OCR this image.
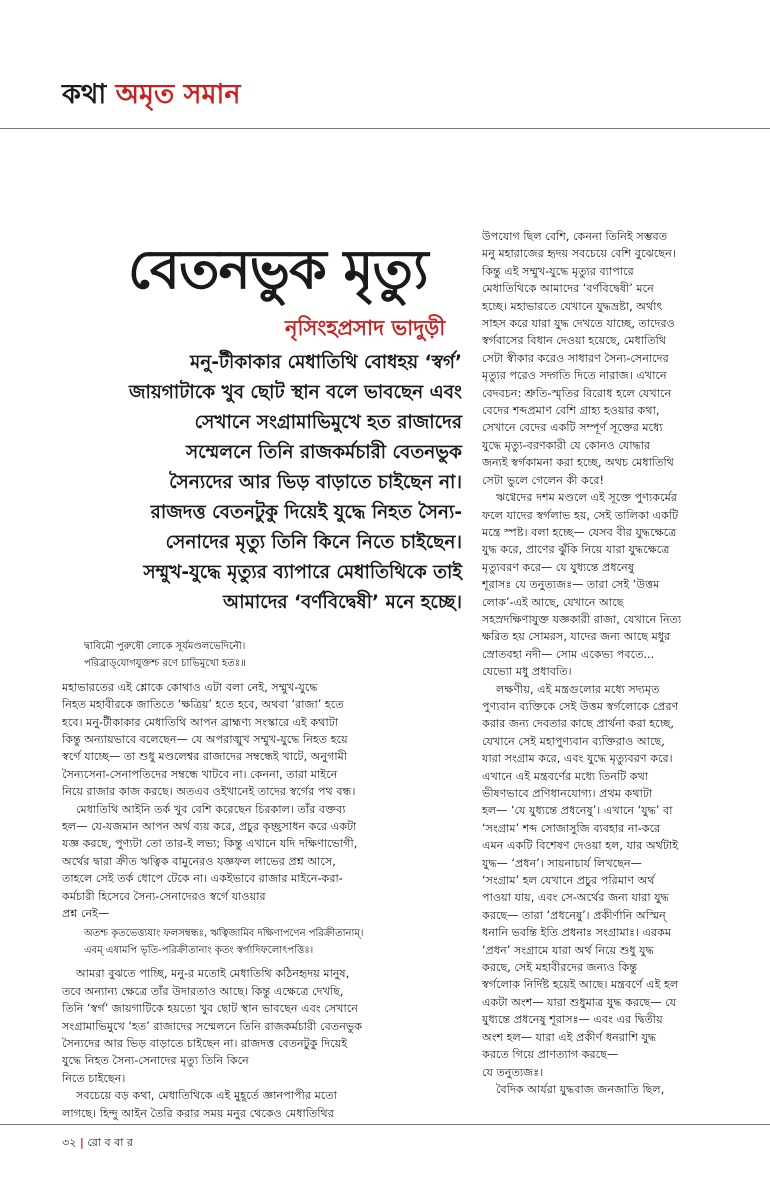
কথা অমৃত সমান
বেতনভুক মৃত্যু
নৃসিংহপ্রসাদ ভাদুড়ী

মনু-টীকাকার মেধাতিথি বোধহয় ‘স্বর্গ’

জায়গাটাকে খুব ছোট স্থান বলে ভাবছেন এবং

সেখানে সংগ্রামাভিমুখে হত রাজাদের

সম্মেলনে তিনি রাজকর্মচারী বেতনভুক

সৈন্যদের আর ভিড় বাড়াতে চাইছেন না।

রাজদত্ত বেতনটুকু দিয়েই যুদ্ধে নিহত সৈন্য-

সেনাদের মৃত্যু তিনি কিনে নিতে চাইছেন।

সম্মুখ-যুদ্ধে মৃত্যুর ব্যাপারে মেধাতিথিকে তাই

আমাদের ‘বর্ণবিদ্বেষী’ মনে হচ্ছে।

দ্বাবিমৌ পুরুষৌ লোকে সূর্যমণ্ডলভেদিনৌ।
পরিব্রাড্‌যোগযুক্তশ্চ রণে চাভিমুখো হতঃ॥
মহাভারতের এই শ্লোকে কোথাও এটা বলা নেই, সম্মুখ-যুদ্ধে
নিহত মহাবীরকে জাতিতে ‘ক্ষত্রিয়’ হতে হবে, অথবা ‘রাজা’ হতে
হবে। মনু-টীকাকার মেধাতিথি আপন ব্রাহ্মণ্য সংস্কারে এই কথাটা
কিন্তু অন্যায়ভাবে বলেছেন— যে অপরাঙ্মুখ সম্মুখ-যুদ্ধে নিহত হয়ে
স্বর্গে যাচ্ছে— তা শুধু মণ্ডলেশ্বর রাজাদের সম্বন্ধেই খাটে, অনুগামী
সৈন্যসেনা-সেনাপতিদের সম্বন্ধে খাটবে না। কেননা, তারা মাইনে
নিয়ে রাজার কাজ করছে। অতএব ওইখানেই তাদের স্বর্গের পথ বন্ধ।
মেধাতিথি আইনি তর্ক খুব বেশি করেছেন চিরকাল। তাঁর বক্তব্য
হল— যে-যজমান আপন অর্থ ব্যয় করে, প্রচুর কৃচ্ছ্রসাধন করে একটা
যজ্ঞ করছে, পুণ্যটা তো তার-ই লভ্য; কিন্তু এখানে যদি দক্ষিণাভোগী,
অর্থের দ্বারা ক্রীত ঋত্বিক বামুনেরও যজ্ঞফল লাভের প্রশ্ন আসে,
তাহলে সেই তর্ক ধোপে টেকে না। একইভাবে রাজার মাইনে-করা-
কর্মচারী হিসেবে সৈন্য-সেনাদেরও স্বর্গে যাওয়ার
প্রশ্ন নেই—
অতশ্চ কৃতভেত্ত্যযাং ফলসম্বন্ধঃ, ঋত্বিজামিব দক্ষিণাপণেন পরিক্রীতানাম্।
এবম্ এষামপি ভৃতি-পরিক্রীতানাং কৃতং স্বর্গাদিফলোৎপত্তিঃ।
আমরা বুঝতে পাচ্ছি, মনু-র মতোই মেধাতিথি কঠিনহৃদয় মানুষ,
তবে অন্যান্য ক্ষেত্রে তাঁর উদারতাও আছে। কিন্তু এক্ষেত্রে দেখছি,
তিনি ‘স্বর্গ’ জায়গাটিকে হয়তো খুব ছোট স্থান ভাবছেন এবং সেখানে
সংগ্রামাভিমুখে ‘হত’ রাজাদের সম্মেলনে তিনি রাজকর্মচারী বেতনভুক
সৈন্যদের আর ভিড় বাড়াতে চাইছেন না। রাজদত্ত বেতনটুকু দিয়েই
যুদ্ধে নিহত সৈন্য-সেনাদের মৃত্যু তিনি কিনে
নিতে চাইছেন।
সবচেয়ে বড় কথা, মেধাতিথিকে এই মুহূর্তে জ্ঞানপাপীর মতো
লাগছে। হিন্দু আইন তৈরি করার সময় মনুর থেকেও মেধাতিথির
উপযোগ ছিল বেশি, কেননা তিনিই সম্ভবত
মনু মহারাজের হৃদয় সবচেয়ে বেশি বুঝেছেন।
কিন্তু এই সম্মুখ-যুদ্ধে মৃত্যুর ব্যাপারে
মেধাতিথিকে আমাদের ‘বর্ণবিদ্বেষী’ মনে
হচ্ছে। মহাভারতে যেখানে যুদ্ধভ্রষ্টা, অর্থাৎ
সাহস করে যারা যুদ্ধ দেখতে যাচ্ছে, তাদেরও
স্বর্গবাসের বিধান দেওয়া হয়েছে, মেধাতিথি
সেটা স্বীকার করেও সাধারণ সৈন্য-সেনাদের
মৃত্যুর পরেও সদ্গতি দিতে নারাজ। এখানে
বেদবচন: শ্রুতি-স্মৃতির বিরোধ হলে যেখানে
বেদের শব্দপ্রমাণ বেশি গ্রাহ্য হওয়ার কথা,
সেখানে বেদের একটি সম্পূর্ণ সূক্তের মধ্যে
যুদ্ধে মৃত্যু-বরণকারী যে কোনও যোদ্ধার
জন্যই স্বর্গকামনা করা হচ্ছে, অথচ মেধাতিথি
সেটা ভুলে গেলেন কী করে!
ঋগ্বেদের দশম মণ্ডলে এই সূক্তে পুণ্যকর্মের
ফলে যাদের স্বর্গলাভ হয়, সেই তালিকা একটি
মন্ত্রে স্পষ্ট। বলা হচ্ছে— যেসব বীর যুদ্ধক্ষেত্রে
যুদ্ধ করে, প্রাণের ঝুঁকি নিয়ে যারা যুদ্ধক্ষেত্রে
মৃত্যুবরণ করে— যে যুধ্যন্তে প্রধনেষু
শূরাসঃ যে তনুত্যজঃ— তারা সেই ‘উত্তম
লোক’-এই আছে, যেখানে আছে
সহস্রদক্ষিণাযুক্ত যজ্ঞকারী রাজা, যেখানে নিত্য
ক্ষরিত হয় সোমরস, যাদের জন্য আছে মধুর
স্রোতবহা নদী— সোম একেভ্য পবতে...
যেভ্যো মধু প্রধাবতি।
লক্ষণীয়, এই মন্ত্রগুলোর মধ্যে সদ্যমৃত
পুণ্যবান ব্যক্তিকে সেই উত্তম স্বর্গলোকে প্রেরণ
করার জন্য দেবতার কাছে প্রার্থনা করা হচ্ছে,
যেখানে সেই মহাপুণ্যবান ব্যক্তিরাও আছে,
যারা সংগ্রাম করে, এবং যুদ্ধে মৃত্যুবরণ করে।
এখানে এই মন্ত্রবর্ণের মধ্যে তিনটি কথা
ভীষণভাবে প্রণিধানযোগ্য। প্রথম কথাটা
হল— ‘যে যুধ্যন্তে প্রধনেষু’। এখানে ‘যুদ্ধ’ বা
‘সংগ্রাম’ শব্দ সোজাসুজি ব্যবহার না-করে
এমন একটি বিশেষণ দেওয়া হল, যার অর্থটাই
যুদ্ধ— ‘প্রধন’। সায়নাচার্য লিখছেন—
‘সংগ্রাম’ হল যেখানে প্রচুর পরিমাণ অর্থ
পাওয়া যায়, এবং সে-অর্থের জন্য যারা যুদ্ধ
করছে— তারা ‘প্রধনেষু’। প্রকীর্ণানি অস্মিন্
ধনানি ভবন্তি ইতি প্রধনাঃ সংগ্রামাঃ। এরকম
‘প্রধন’ সংগ্রামে যারা অর্থ নিয়ে শুধু যুদ্ধ
করছে, সেই মহাবীরদের জন্যও কিন্তু
স্বর্গলোক নির্দিষ্ট হয়েই আছে। মন্ত্রবর্ণে এই হল
একটা অংশ— যারা শুধুমাত্র যুদ্ধ করছে— যে
যুধ্যন্তে প্রধনেষু শূরাসঃ— এবং এর দ্বিতীয়
অংশ হল— যারা এই প্রকীর্ণ ধনরাশি যুদ্ধ
করতে গিয়ে প্রাণত্যাগ করছে—
যে তনুত্যজঃ।
বৈদিক আর্যরা যুদ্ধবাজ জনজাতি ছিল,
৩২ | রো ব বা র
